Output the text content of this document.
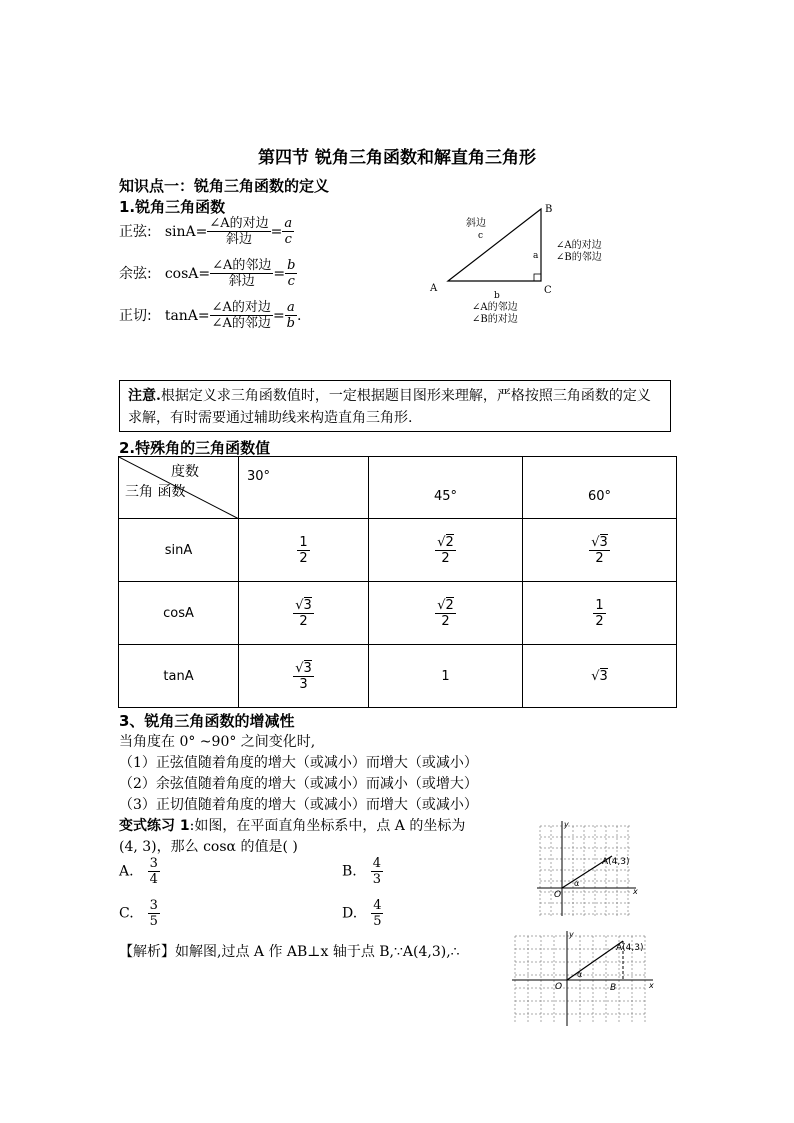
第四节 锐角三角函数和解直角三角形
知识点一：锐角三角函数的定义
1.锐角三角函数
正弦: $\sin A= \frac{\text{∠A的对边}}{\text{斜边}} = \frac{a}{c}$
余弦: $\cos A= \frac{\text{∠A的邻边}}{\text{斜边}} = \frac{b}{c}$
正切: $\tan A= \frac{\text{∠A的对边}}{\text{∠A的邻边}} = \frac{a}{b}$ .
斜边
c
B
A	C
a
b
∠A的对边
∠B的邻边
∠A的邻边
∠B的对边
注意.根据定义求三角函数值时，一定根据题目图形来理解，严格按照三角函数的定义求解，有时需要通过辅助线来构造直角三角形.
2.特殊角的三角函数值
度数
三角 函数	30°	45°	60°
sinA	$\frac{1}{2}$	$\frac{√2}{2}$	$\frac{√3}{2}$

cosA	$\frac{√3}{2}$	$\frac{√2}{2}$	$\frac{1}{2}$

tanA	$\frac{√3}{3}$	1	√3
3、锐角三角函数的增减性
当角度在 0° ~90° 之间变化时,
（1）正弦值随着角度的增大（或减小）而增大（或减小）
（2）余弦值随着角度的增大（或减小）而减小（或增大）
（3）正切值随着角度的增大（或减小）而增大（或减小）
变式练习 1:如图，在平面直角坐标系中，点 A 的坐标为
(4, 3)，那么 cosα 的值是( )
A. $\frac{3}{4}$	B. $\frac{4}{3}$
C. $\frac{3}{5}$	D. $\frac{4}{5}$
【解析】如解图,过点 A 作 AB⊥x 轴于点 B,∵A(4,3),∴
y
x
O
A(4,3)
α
y
x
O
A(4,3)
α
B
